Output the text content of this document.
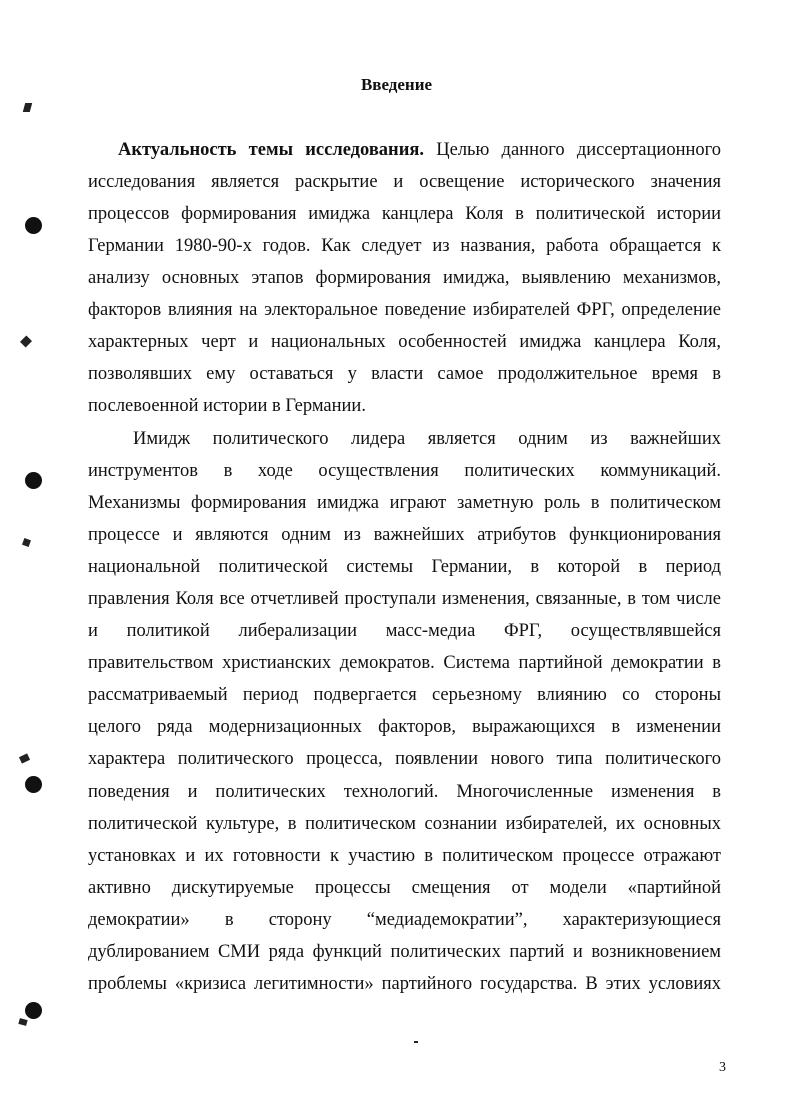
Введение
Актуальность темы исследования. Целью данного диссертационного
исследования является раскрытие и освещение исторического значения
процессов формирования имиджа канцлера Коля в политической истории
Германии 1980-90-х годов. Как следует из названия, работа обращается к
анализу основных этапов формирования имиджа, выявлению механизмов,
факторов влияния на электоральное поведение избирателей ФРГ, определение
характерных черт и национальных особенностей имиджа канцлера Коля,
позволявших ему оставаться у власти самое продолжительное время в
послевоенной истории в Германии.
Имидж политического лидера является одним из важнейших
инструментов в ходе осуществления политических коммуникаций.
Механизмы формирования имиджа играют заметную роль в политическом
процессе и являются одним из важнейших атрибутов функционирования
национальной политической системы Германии, в которой в период
правления Коля все отчетливей проступали изменения, связанные, в том числе
и политикой либерализации масс-медиа ФРГ, осуществлявшейся
правительством христианских демократов. Система партийной демократии в
рассматриваемый период подвергается серьезному влиянию со стороны
целого ряда модернизационных факторов, выражающихся в изменении
характера политического процесса, появлении нового типа политического
поведения и политических технологий. Многочисленные изменения в
политической культуре, в политическом сознании избирателей, их основных
установках и их готовности к участию в политическом процессе отражают
активно дискутируемые процессы смещения от модели «партийной
демократии» в сторону “медиадемократии”, характеризующиеся
дублированием СМИ ряда функций политических партий и возникновением
проблемы «кризиса легитимности» партийного государства. В этих условиях
3
